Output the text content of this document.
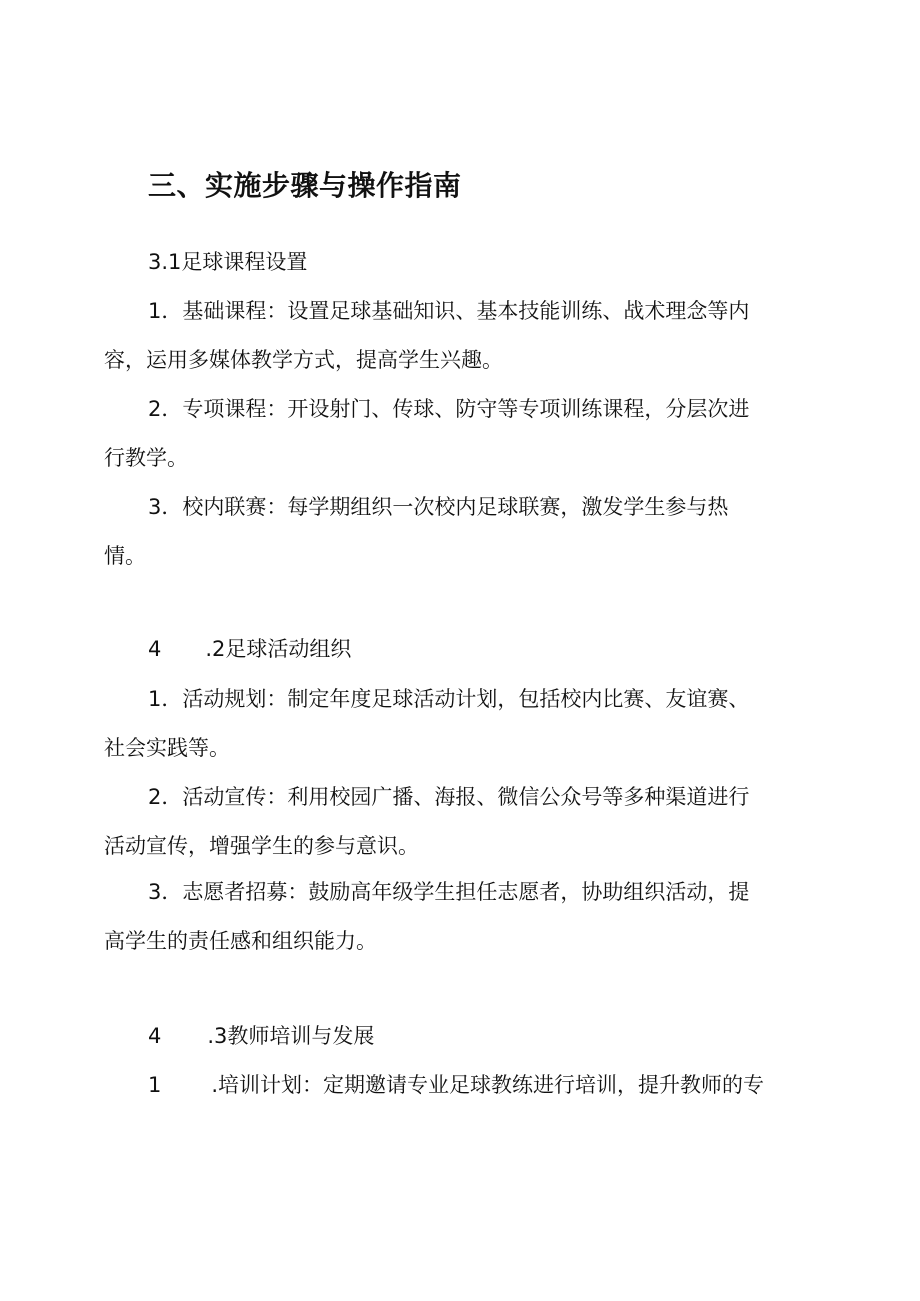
三、实施步骤与操作指南
3.1足球课程设置
1．基础课程：设置足球基础知识、基本技能训练、战术理念等内
容，运用多媒体教学方式，提高学生兴趣。
2．专项课程：开设射门、传球、防守等专项训练课程，分层次进
行教学。
3．校内联赛：每学期组织一次校内足球联赛，激发学生参与热
情。
4 .2足球活动组织
1．活动规划：制定年度足球活动计划，包括校内比赛、友谊赛、
社会实践等。
2．活动宣传：利用校园广播、海报、微信公众号等多种渠道进行
活动宣传，增强学生的参与意识。
3．志愿者招募：鼓励高年级学生担任志愿者，协助组织活动，提
高学生的责任感和组织能力。
4 .3教师培训与发展
1 .培训计划：定期邀请专业足球教练进行培训，提升教师的专
